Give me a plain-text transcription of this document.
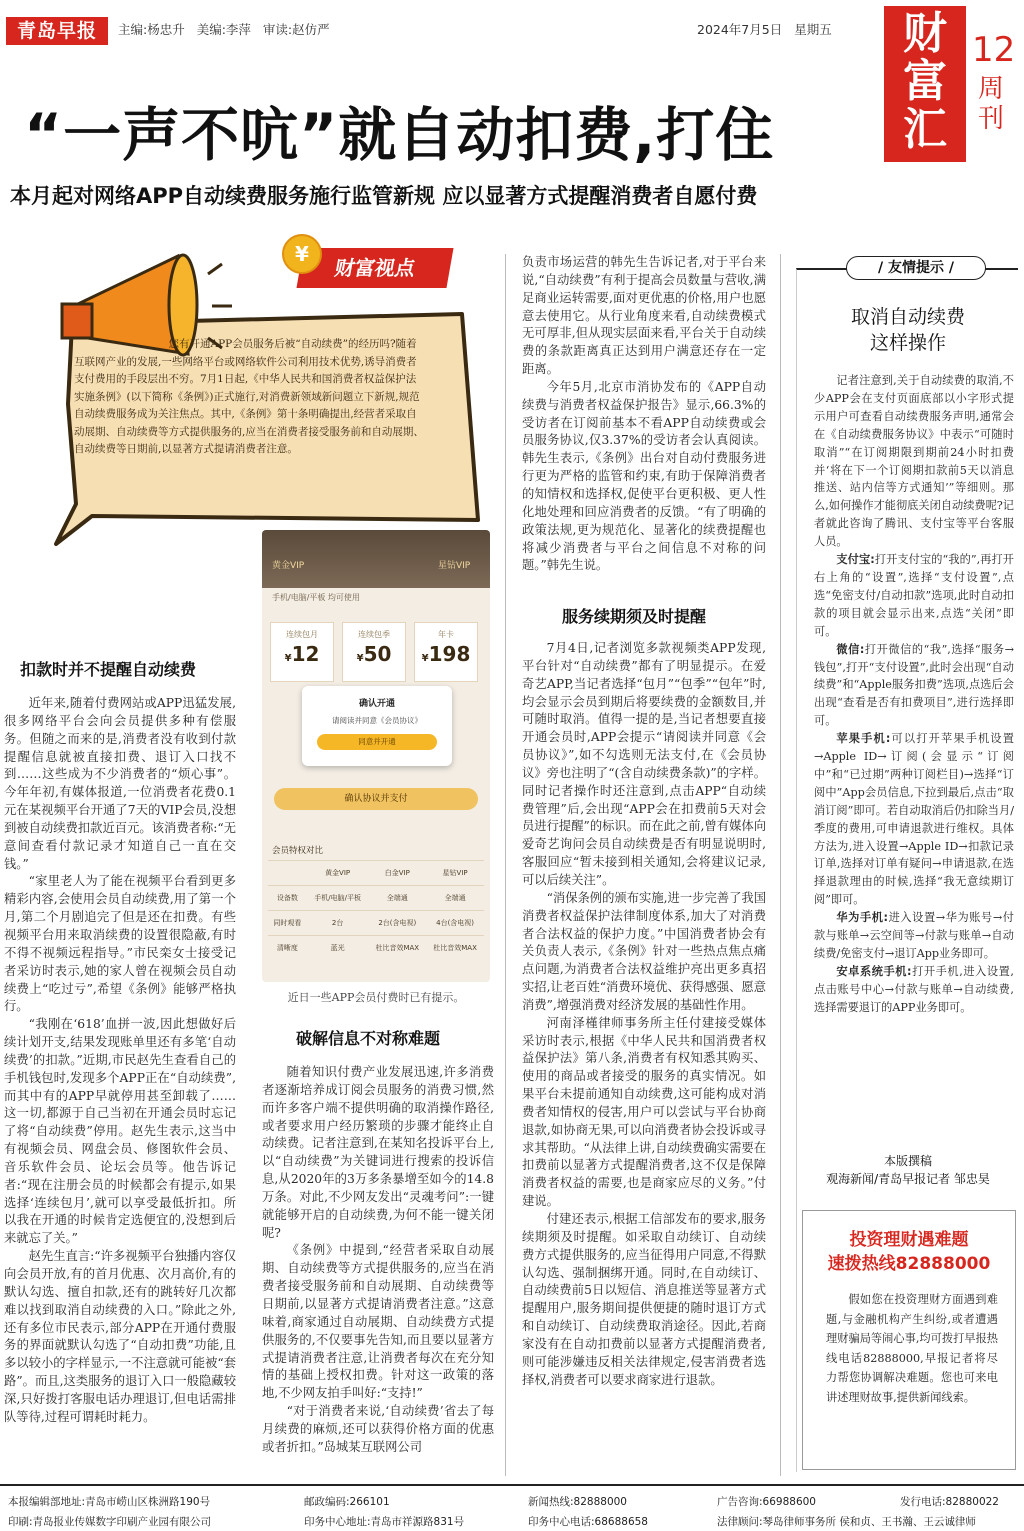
青岛早报	主编:杨忠升 美编:李萍 审读:赵仿严	2024年7月5日 星期五	财
富
汇
12
周刊
“一声不吭”就自动扣费,打住
本月起对网络APP自动续费服务施行监管新规 应以显著方式提醒消费者自愿付费
财富视点
¥

您有开通APP会员服务后被“自动续费”的经历吗?随着互联网产业的发展,一些网络平台或网络软件公司利用技术优势,诱导消费者支付费用的手段层出不穷。7月1日起,《中华人民共和国消费者权益保护法实施条例》(以下简称《条例》)正式施行,对消费新领域新问题立下新规,规范自动续费服务成为关注焦点。其中,《条例》第十条明确提出,经营者采取自动展期、自动续费等方式提供服务的,应当在消费者接受服务前和自动展期、自动续费等日期前,以显著方式提请消费者注意。

黄金VIP	星钻VIP
手机/电脑/平板 均可使用
连续包月
¥12
连续包季
¥50
年卡
¥198
确认开通
请阅读并同意《会员协议》
同意并开通
确认协议并支付
会员特权对比
	黄金VIP	白金VIP	星钻VIP
设备数	手机/电脑/平板	全端通	全端通
同时观看	2台	2台(含电视)	4台(含电视)
清晰度	蓝光	杜比音效MAX	杜比音效MAX
近日一些APP会员付费时已有提示。
扣款时并不提醒自动续费

近年来,随着付费网站或APP迅猛发展,很多网络平台会向会员提供多种有偿服务。但随之而来的是,消费者没有收到付款提醒信息就被直接扣费、退订入口找不到……这些成为不少消费者的“烦心事”。今年年初,有媒体报道,一位消费者花费0.1元在某视频平台开通了7天的VIP会员,没想到被自动续费扣款近百元。该消费者称:“无意间查看付款记录才知道自己一直在交钱。”

“家里老人为了能在视频平台看到更多精彩内容,会使用会员自动续费,用了第一个月,第二个月剧追完了但是还在扣费。有些视频平台用来取消续费的设置很隐蔽,有时不得不视频远程指导。”市民栾女士接受记者采访时表示,她的家人曾在视频会员自动续费上“吃过亏”,希望《条例》能够严格执行。

“我刚在‘618’血拼一波,因此想做好后续计划开支,结果发现账单里还有多笔‘自动续费’的扣款。”近期,市民赵先生查看自己的手机钱包时,发现多个APP正在“自动续费”,而其中有的APP早就停用甚至卸载了……这一切,都源于自己当初在开通会员时忘记了将“自动续费”停用。赵先生表示,这当中有视频会员、网盘会员、修图软件会员、音乐软件会员、论坛会员等。他告诉记者:“现在注册会员的时候都会有提示,如果选择‘连续包月’,就可以享受最低折扣。所以我在开通的时候肯定选便宜的,没想到后来就忘了关。”

赵先生直言:“许多视频平台独播内容仅向会员开放,有的首月优惠、次月高价,有的默认勾选、擅自扣款,还有的跳转好几次都难以找到取消自动续费的入口。”除此之外,还有多位市民表示,部分APP在开通付费服务的界面就默认勾选了“自动扣费”功能,且多以较小的字样显示,一不注意就可能被“套路”。而且,这类服务的退订入口一般隐藏较深,只好拨打客服电话办理退订,但电话需排队等待,过程可谓耗时耗力。

破解信息不对称难题

随着知识付费产业发展迅速,许多消费者逐渐培养成订阅会员服务的消费习惯,然而许多客户端不提供明确的取消操作路径,或者要求用户经历繁琐的步骤才能终止自动续费。记者注意到,在某知名投诉平台上,以“自动续费”为关键词进行搜索的投诉信息,从2020年的3万多条暴增至如今的14.8万条。对此,不少网友发出“灵魂考问”:一键就能够开启的自动续费,为何不能一键关闭呢?

《条例》中提到,“经营者采取自动展期、自动续费等方式提供服务的,应当在消费者接受服务前和自动展期、自动续费等日期前,以显著方式提请消费者注意。”这意味着,商家通过自动展期、自动续费方式提供服务的,不仅要事先告知,而且要以显著方式提请消费者注意,让消费者每次在充分知情的基础上授权扣费。针对这一政策的落地,不少网友拍手叫好:“支持!”

“对于消费者来说,‘自动续费’省去了每月续费的麻烦,还可以获得价格方面的优惠或者折扣。”岛城某互联网公司

负责市场运营的韩先生告诉记者,对于平台来说,“自动续费”有利于提高会员数量与营收,满足商业运转需要,面对更优惠的价格,用户也愿意去使用它。从行业角度来看,自动续费模式无可厚非,但从现实层面来看,平台关于自动续费的条款距离真正达到用户满意还存在一定距离。

今年5月,北京市消协发布的《APP自动续费与消费者权益保护报告》显示,66.3%的受访者在订阅前基本不看APP自动续费或会员服务协议,仅3.37%的受访者会认真阅读。韩先生表示,《条例》出台对自动付费服务进行更为严格的监管和约束,有助于保障消费者的知情权和选择权,促使平台更积极、更人性化地处理和回应消费者的反馈。“有了明确的政策法规,更为规范化、显著化的续费提醒也将减少消费者与平台之间信息不对称的问题。”韩先生说。

服务续期须及时提醒

7月4日,记者浏览多款视频类APP发现,平台针对“自动续费”都有了明显提示。在爱奇艺APP,当记者选择“包月”“包季”“包年”时,均会显示会员到期后将要续费的金额数目,并可随时取消。值得一提的是,当记者想要直接开通会员时,APP会提示“请阅读并同意《会员协议》”,如不勾选则无法支付,在《会员协议》旁也注明了“(含自动续费条款)”的字样。同时记者操作时还注意到,点击APP“自动续费管理”后,会出现“APP会在扣费前5天对会员进行提醒”的标识。而在此之前,曾有媒体向爱奇艺询问会员自动续费是否有明显说明时,客服回应“暂未接到相关通知,会将建议记录,可以后续关注”。

“消保条例的颁布实施,进一步完善了我国消费者权益保护法律制度体系,加大了对消费者合法权益的保护力度。”中国消费者协会有关负责人表示,《条例》针对一些热点焦点痛点问题,为消费者合法权益维护亮出更多真招实招,让老百姓“消费环境优、获得感强、愿意消费”,增强消费对经济发展的基础性作用。

河南泽槿律师事务所主任付建接受媒体采访时表示,根据《中华人民共和国消费者权益保护法》第八条,消费者有权知悉其购买、使用的商品或者接受的服务的真实情况。如果平台未提前通知自动续费,这可能构成对消费者知情权的侵害,用户可以尝试与平台协商退款,如协商无果,可以向消费者协会投诉或寻求其帮助。“从法律上讲,自动续费确实需要在扣费前以显著方式提醒消费者,这不仅是保障消费者权益的需要,也是商家应尽的义务。”付建说。

付建还表示,根据工信部发布的要求,服务续期须及时提醒。如采取自动续订、自动续费方式提供服务的,应当征得用户同意,不得默认勾选、强制捆绑开通。同时,在自动续订、自动续费前5日以短信、消息推送等显著方式提醒用户,服务期间提供便捷的随时退订方式和自动续订、自动续费取消途径。因此,若商家没有在自动扣费前以显著方式提醒消费者,则可能涉嫌违反相关法律规定,侵害消费者选择权,消费者可以要求商家进行退款。

/ 友情提示 /
取消自动续费
这样操作

记者注意到,关于自动续费的取消,不少APP会在支付页面底部以小字形式提示用户可查看自动续费服务声明,通常会在《自动续费服务协议》中表示“可随时取消”“在订阅期限到期前24小时扣费并‘将在下一个订阅期扣款前5天以消息推送、站内信等方式通知’”等细则。那么,如何操作才能彻底关闭自动续费呢?记者就此咨询了腾讯、支付宝等平台客服人员。

支付宝:打开支付宝的“我的”,再打开右上角的“设置”,选择“支付设置”,点选“免密支付/自动扣款”选项,此时自动扣款的项目就会显示出来,点选“关闭”即可。

微信:打开微信的“我”,选择“服务→钱包”,打开“支付设置”,此时会出现“自动续费”和“Apple服务扣费”选项,点选后会出现“查看是否有扣费项目”,进行选择即可。

苹果手机:可以打开苹果手机设置→Apple ID→订阅(会显示“订阅中”和“已过期”两种订阅栏目)→选择“订阅中”App会员信息,下拉到最后,点击“取消订阅”即可。若自动取消后仍扣除当月/季度的费用,可申请退款进行维权。具体方法为,进入设置→Apple ID→扣款记录订单,选择对订单有疑问→申请退款,在选择退款理由的时候,选择“我无意续期订阅”即可。

华为手机:进入设置→华为账号→付款与账单→云空间等→付款与账单→自动续费/免密支付→退订App业务即可。

安卓系统手机:打开手机,进入设置,点击账号中心→付款与账单→自动续费,选择需要退订的APP业务即可。

本版撰稿
观海新闻/青岛早报记者 邹忠昊
投资理财遇难题
速拨热线82888000

假如您在投资理财方面遇到难题,与金融机构产生纠纷,或者遭遇理财骗局等闹心事,均可拨打早报热线电话82888000,早报记者将尽力帮您协调解决难题。您也可来电讲述理财故事,提供新闻线索。

本报编辑部地址:青岛市崂山区株洲路190号	邮政编码:266101	新闻热线:82888000	广告咨询:66988600	发行电话:82880022
印刷:青岛报业传媒数字印刷产业园有限公司	印务中心地址:青岛市祥源路831号	印务中心电话:68688658	法律顾问:琴岛律师事务所 侯和贞、王书瀚、王云诚律师
